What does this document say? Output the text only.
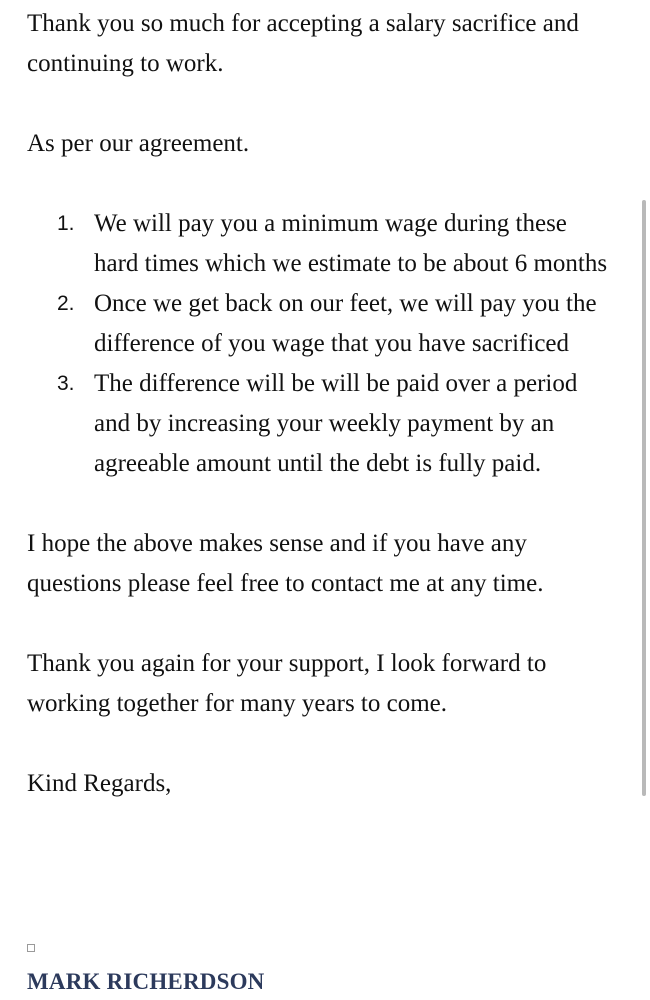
Thank you so much for accepting a salary sacrifice and continuing to work.

As per our agreement.

1. We will pay you a minimum wage during these hard times which we estimate to be about 6 months
2. Once we get back on our feet, we will pay you the difference of you wage that you have sacrificed
3. The difference will be will be paid over a period and by increasing your weekly payment by an agreeable amount until the debt is fully paid.

I hope the above makes sense and if you have any questions please feel free to contact me at any time.

Thank you again for your support, I look forward to working together for many years to come.

Kind Regards,

MARK RICHERDSON
